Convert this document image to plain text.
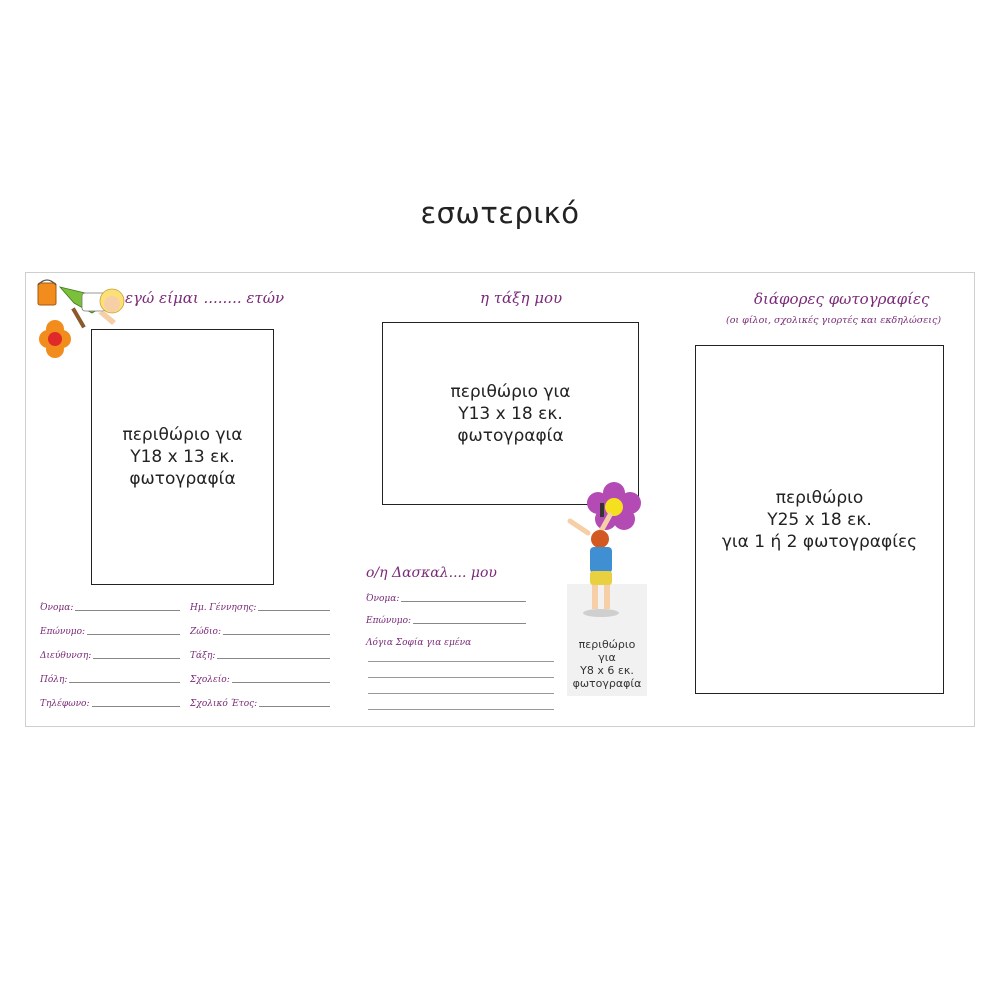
εσωτερικό
εγώ είμαι ........ ετών
περιθώριο για
Υ18 x 13 εκ.
φωτογραφία
Όνομα:
Επώνυμο:
Διεύθυνση:
Πόλη:
Τηλέφωνο:
Ημ. Γέννησης:
Ζώδιο:
Τάξη:
Σχολείο:
Σχολικό Έτος:
η τάξη μου
περιθώριο για
Υ13 x 18 εκ.
φωτογραφία
ο/η Δασκαλ.... μου
Όνομα:
Επώνυμο:
Λόγια Σοφία για εμένα	περιθώριο
για
Υ8 x 6 εκ.
φωτογραφία
διάφορες φωτογραφίες
(οι φίλοι, σχολικές γιορτές και εκδηλώσεις)
περιθώριο
Υ25 x 18 εκ.
για 1 ή 2 φωτογραφίες
